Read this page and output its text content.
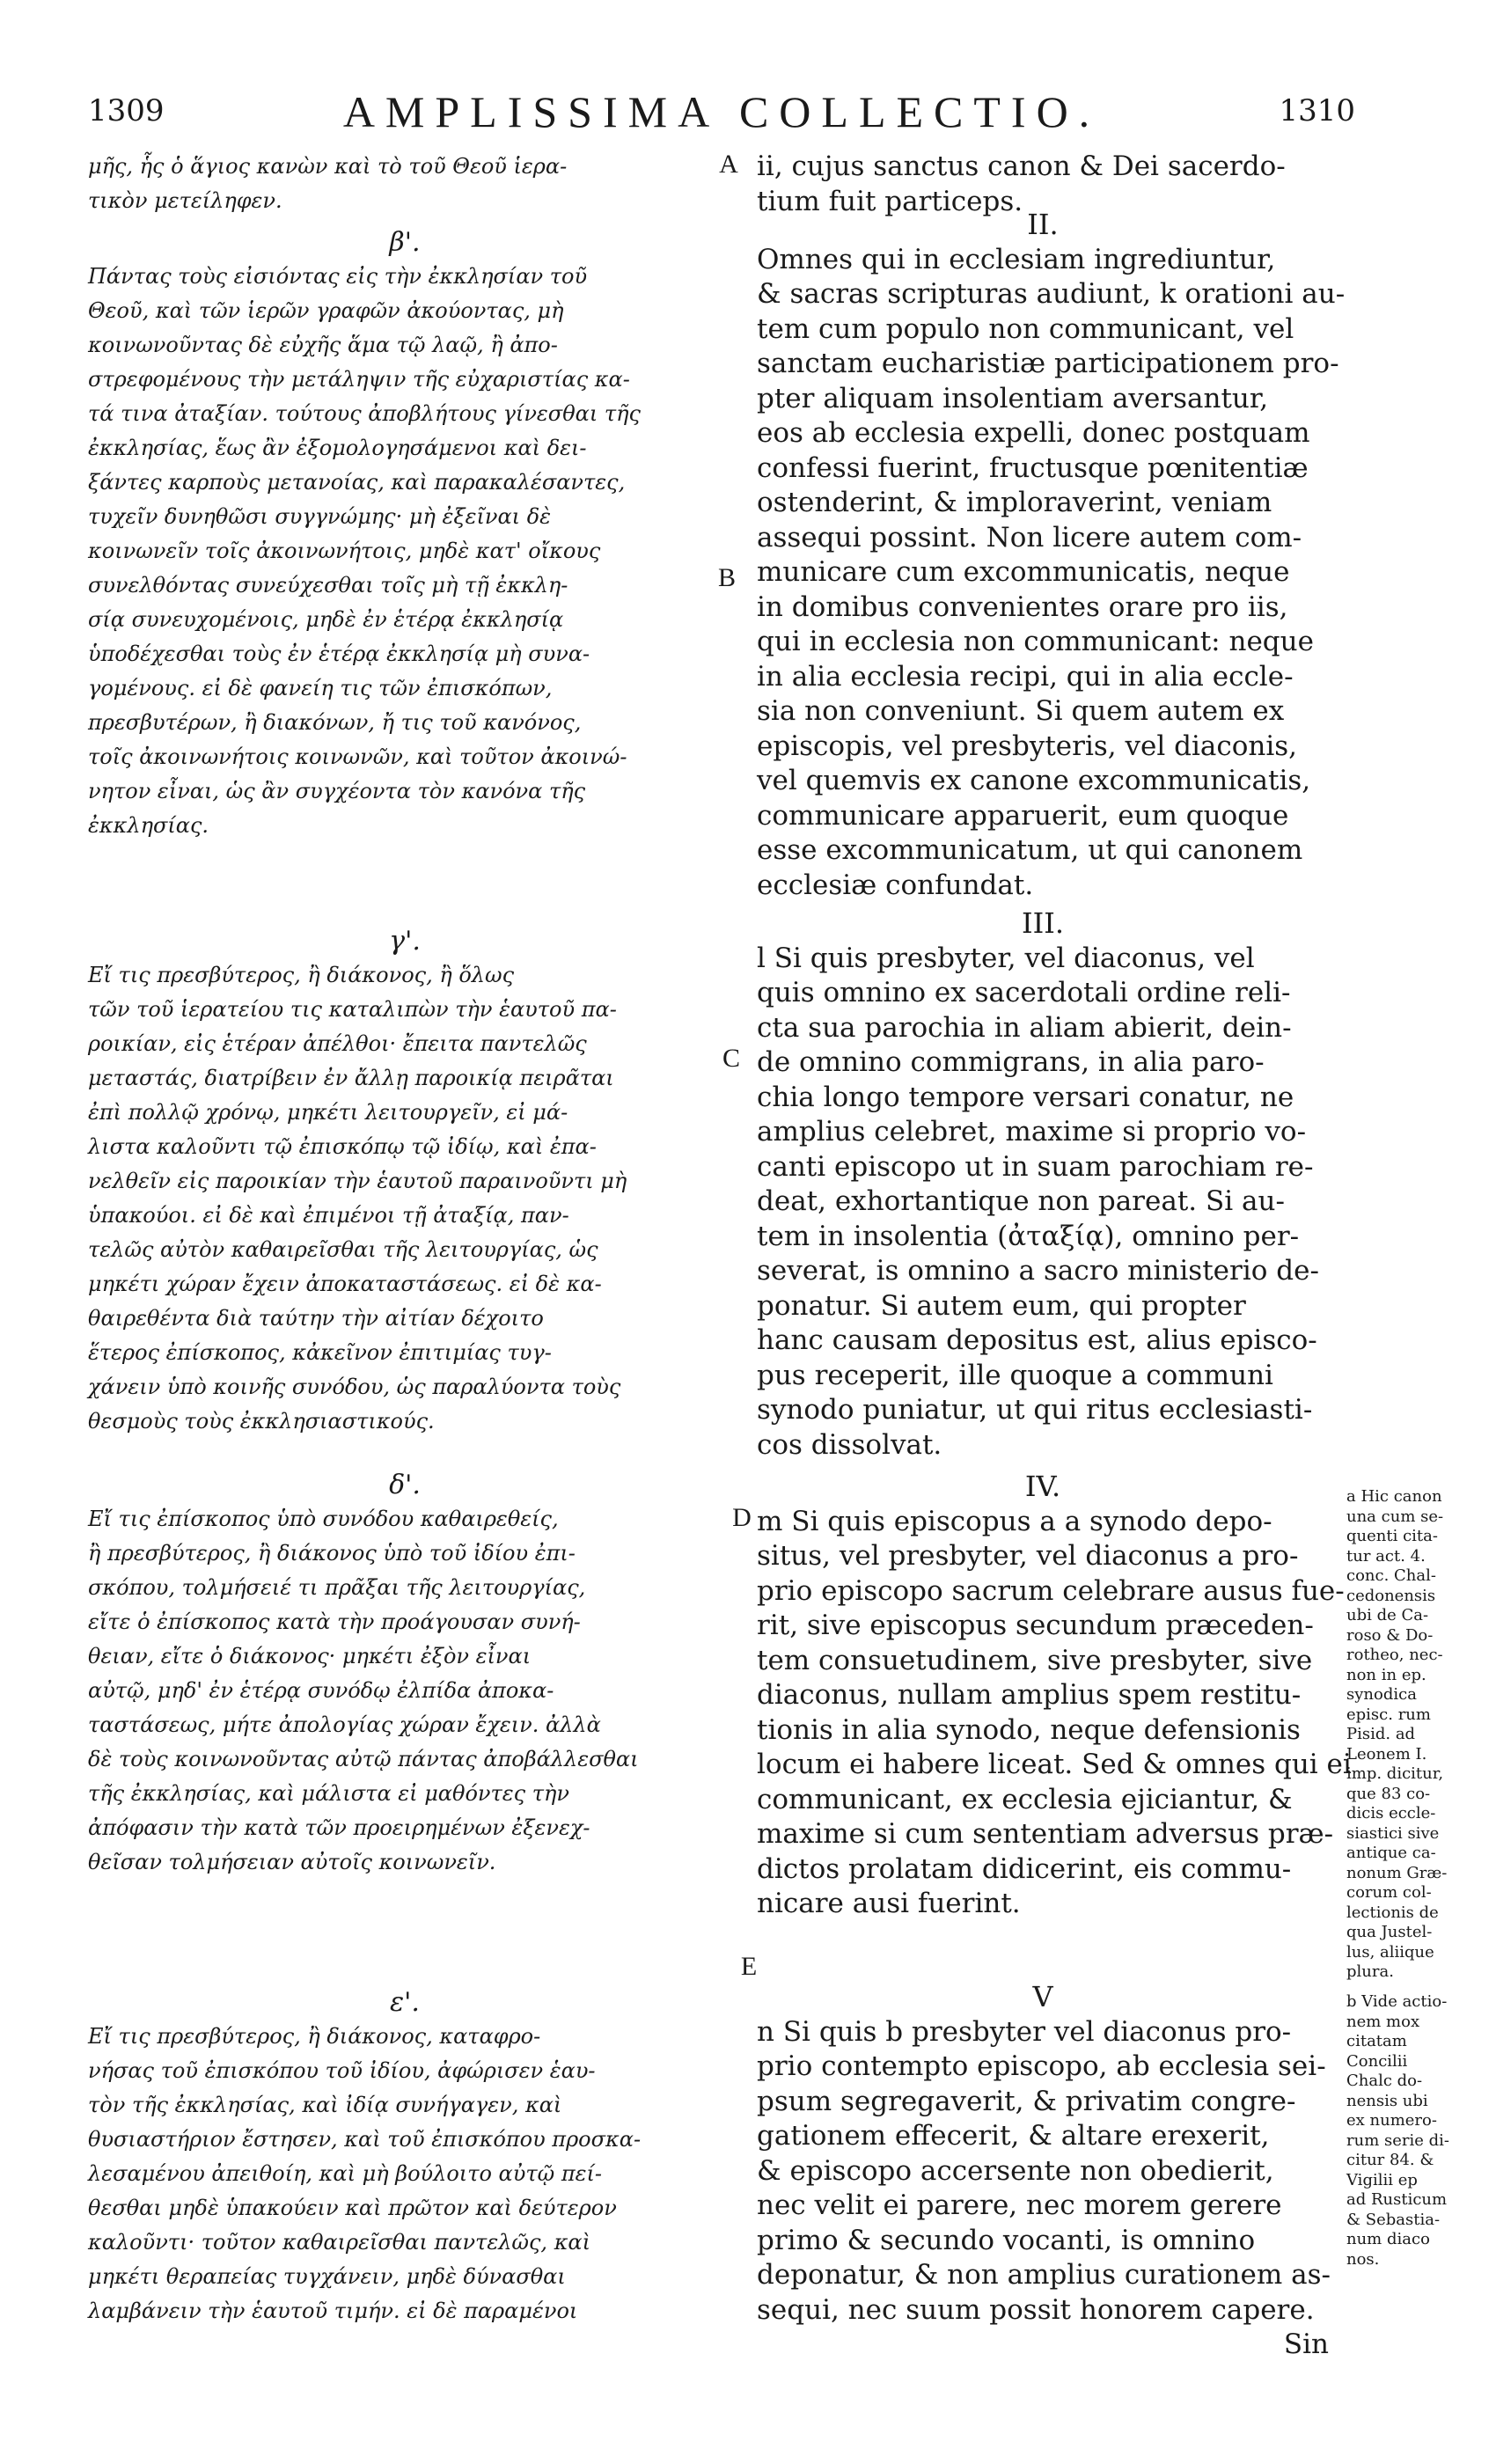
1309	AMPLISSIMA COLLECTIO.	1310
A
B
C
D
E
μῆς, ἧς ὁ ἅγιος κανὼν καὶ τὸ τοῦ Θεοῦ ἱερα-
τικὸν μετείληφεν.
β'.
Πάντας τοὺς εἰσιόντας εἰς τὴν ἐκκλησίαν τοῦ
Θεοῦ, καὶ τῶν ἱερῶν γραφῶν ἀκούοντας, μὴ
κοινωνοῦντας δὲ εὐχῆς ἅμα τῷ λαῷ, ἢ ἀπο-
στρεφομένους τὴν μετάληψιν τῆς εὐχαριστίας κα-
τά τινα ἀταξίαν. τούτους ἀποβλήτους γίνεσθαι τῆς
ἐκκλησίας, ἕως ἂν ἐξομολογησάμενοι καὶ δει-
ξάντες καρποὺς μετανοίας, καὶ παρακαλέσαντες,
τυχεῖν δυνηθῶσι συγγνώμης· μὴ ἐξεῖναι δὲ
κοινωνεῖν τοῖς ἀκοινωνήτοις, μηδὲ κατ' οἴκους
συνελθόντας συνεύχεσθαι τοῖς μὴ τῇ ἐκκλη-
σίᾳ συνευχομένοις, μηδὲ ἐν ἑτέρᾳ ἐκκλησίᾳ
ὑποδέχεσθαι τοὺς ἐν ἑτέρᾳ ἐκκλησίᾳ μὴ συνα-
γομένους. εἰ δὲ φανείη τις τῶν ἐπισκόπων,
πρεσβυτέρων, ἢ διακόνων, ἤ τις τοῦ κανόνος,
τοῖς ἀκοινωνήτοις κοινωνῶν, καὶ τοῦτον ἀκοινώ-
νητον εἶναι, ὡς ἂν συγχέοντα τὸν κανόνα τῆς
ἐκκλησίας.
γ'.
Εἴ τις πρεσβύτερος, ἢ διάκονος, ἢ ὅλως
τῶν τοῦ ἱερατείου τις καταλιπὼν τὴν ἑαυτοῦ πα-
ροικίαν, εἰς ἑτέραν ἀπέλθοι· ἔπειτα παντελῶς
μεταστάς, διατρίβειν ἐν ἄλλῃ παροικίᾳ πειρᾶται
ἐπὶ πολλῷ χρόνῳ, μηκέτι λειτουργεῖν, εἰ μά-
λιστα καλοῦντι τῷ ἐπισκόπῳ τῷ ἰδίῳ, καὶ ἐπα-
νελθεῖν εἰς παροικίαν τὴν ἑαυτοῦ παραινοῦντι μὴ
ὑπακούοι. εἰ δὲ καὶ ἐπιμένοι τῇ ἀταξίᾳ, παν-
τελῶς αὐτὸν καθαιρεῖσθαι τῆς λειτουργίας, ὡς
μηκέτι χώραν ἔχειν ἀποκαταστάσεως. εἰ δὲ κα-
θαιρεθέντα διὰ ταύτην τὴν αἰτίαν δέχοιτο
ἕτερος ἐπίσκοπος, κἀκεῖνον ἐπιτιμίας τυγ-
χάνειν ὑπὸ κοινῆς συνόδου, ὡς παραλύοντα τοὺς
θεσμοὺς τοὺς ἐκκλησιαστικούς.
δ'.
Εἴ τις ἐπίσκοπος ὑπὸ συνόδου καθαιρεθείς,
ἢ πρεσβύτερος, ἢ διάκονος ὑπὸ τοῦ ἰδίου ἐπι-
σκόπου, τολμήσειέ τι πρᾶξαι τῆς λειτουργίας,
εἴτε ὁ ἐπίσκοπος κατὰ τὴν προάγουσαν συνή-
θειαν, εἴτε ὁ διάκονος· μηκέτι ἐξὸν εἶναι
αὐτῷ, μηδ' ἐν ἑτέρᾳ συνόδῳ ἐλπίδα ἀποκα-
ταστάσεως, μήτε ἀπολογίας χώραν ἔχειν. ἀλλὰ
δὲ τοὺς κοινωνοῦντας αὐτῷ πάντας ἀποβάλλεσθαι
τῆς ἐκκλησίας, καὶ μάλιστα εἰ μαθόντες τὴν
ἀπόφασιν τὴν κατὰ τῶν προειρημένων ἐξενεχ-
θεῖσαν τολμήσειαν αὐτοῖς κοινωνεῖν.
ε'.
Εἴ τις πρεσβύτερος, ἢ διάκονος, καταφρο-
νήσας τοῦ ἐπισκόπου τοῦ ἰδίου, ἀφώρισεν ἑαυ-
τὸν τῆς ἐκκλησίας, καὶ ἰδίᾳ συνήγαγεν, καὶ
θυσιαστήριον ἔστησεν, καὶ τοῦ ἐπισκόπου προσκα-
λεσαμένου ἀπειθοίη, καὶ μὴ βούλοιτο αὐτῷ πεί-
θεσθαι μηδὲ ὑπακούειν καὶ πρῶτον καὶ δεύτερον
καλοῦντι· τοῦτον καθαιρεῖσθαι παντελῶς, καὶ
μηκέτι θεραπείας τυγχάνειν, μηδὲ δύνασθαι
λαμβάνειν τὴν ἑαυτοῦ τιμήν. εἰ δὲ παραμένοι
ii, cujus sanctus canon & Dei sacerdo-
tium fuit particeps.
II.
Omnes qui in ecclesiam ingrediuntur,
& sacras scripturas audiunt, k orationi au-
tem cum populo non communicant, vel
sanctam eucharistiæ participationem pro-
pter aliquam insolentiam aversantur,
eos ab ecclesia expelli, donec postquam
confessi fuerint, fructusque pœnitentiæ
ostenderint, & imploraverint, veniam
assequi possint. Non licere autem com-
municare cum excommunicatis, neque
in domibus convenientes orare pro iis,
qui in ecclesia non communicant: neque
in alia ecclesia recipi, qui in alia eccle-
sia non conveniunt. Si quem autem ex
episcopis, vel presbyteris, vel diaconis,
vel quemvis ex canone excommunicatis,
communicare apparuerit, eum quoque
esse excommunicatum, ut qui canonem
ecclesiæ confundat.
III.
l Si quis presbyter, vel diaconus, vel
quis omnino ex sacerdotali ordine reli-
cta sua parochia in aliam abierit, dein-
de omnino commigrans, in alia paro-
chia longo tempore versari conatur, ne
amplius celebret, maxime si proprio vo-
canti episcopo ut in suam parochiam re-
deat, exhortantique non pareat. Si au-
tem in insolentia (ἀταξίᾳ), omnino per-
severat, is omnino a sacro ministerio de-
ponatur. Si autem eum, qui propter
hanc causam depositus est, alius episco-
pus receperit, ille quoque a communi
synodo puniatur, ut qui ritus ecclesiasti-
cos dissolvat.
IV.
m Si quis episcopus a a synodo depo-
situs, vel presbyter, vel diaconus a pro-
prio episcopo sacrum celebrare ausus fue-
rit, sive episcopus secundum præceden-
tem consuetudinem, sive presbyter, sive
diaconus, nullam amplius spem restitu-
tionis in alia synodo, neque defensionis
locum ei habere liceat. Sed & omnes qui ei
communicant, ex ecclesia ejiciantur, &
maxime si cum sententiam adversus præ-
dictos prolatam didicerint, eis commu-
nicare ausi fuerint.
V
n Si quis b presbyter vel diaconus pro-
prio contempto episcopo, ab ecclesia sei-
psum segregaverit, & privatim congre-
gationem effecerit, & altare erexerit,
& episcopo accersente non obedierit,
nec velit ei parere, nec morem gerere
primo & secundo vocanti, is omnino
deponatur, & non amplius curationem as-
sequi, nec suum possit honorem capere.
Sin
a Hic canon
una cum se-
quenti cita-
tur act. 4.
conc. Chal-
cedonensis
ubi de Ca-
roso & Do-
rotheo, nec-
non in ep.
synodica
episc. rum
Pisid. ad
Leonem I.
imp. dicitur,
que 83 co-
dicis eccle-
siastici sive
antique ca-
nonum Græ-
corum col-
lectionis de
qua Justel-
lus, aliique
plura.
b Vide actio-
nem mox
citatam
Concilii
Chalc do-
nensis ubi
ex numero-
rum serie di-
citur 84. &
Vigilii ep
ad Rusticum
& Sebastia-
num diaco
nos.
